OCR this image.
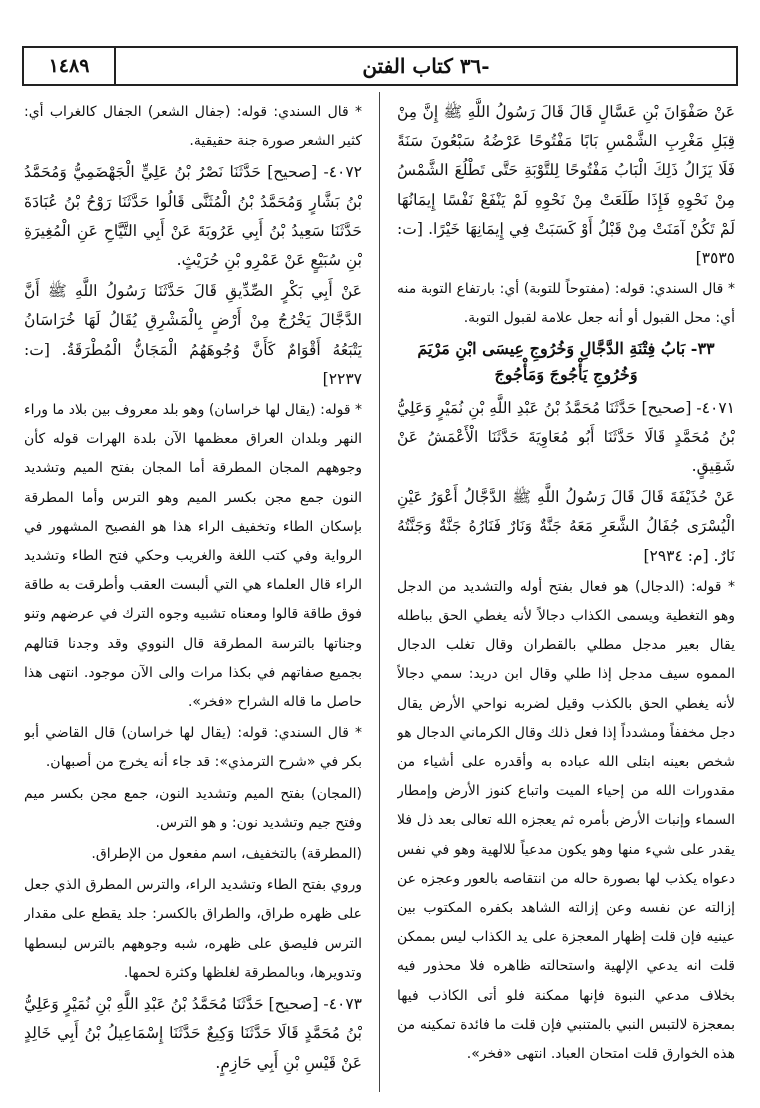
-٣٦ كتاب الفتن
١٤٨٩

عَنْ صَفْوَانَ بْنِ عَسَّالٍ قَالَ قَالَ رَسُولُ اللَّهِ ﷺ إِنَّ مِنْ قِبَلِ مَغْرِبِ الشَّمْسِ بَابًا مَفْتُوحًا عَرْضُهُ سَبْعُونَ سَنَةً فَلَا يَزَالُ ذَلِكَ الْبَابُ مَفْتُوحًا لِلتَّوْبَةِ حَتَّى تَطْلُعَ الشَّمْسُ مِنْ نَحْوِهِ فَإِذَا طَلَعَتْ مِنْ نَحْوِهِ لَمْ يَنْفَعْ نَفْسًا إِيمَانُهَا لَمْ تَكُنْ آمَنَتْ مِنْ قَبْلُ أَوْ كَسَبَتْ فِي إِيمَانِهَا خَيْرًا. [ت: ٣٥٣٥]

* قال السندي: قوله: (مفتوحاً للتوبة) أي: بارتفاع التوبة منه أي: محل القبول أو أنه جعل علامة لقبول التوبة.

٣٣- بَابُ فِتْنَةِ الدَّجَّالِ وَخُرُوجِ عِيسَى ابْنِ مَرْيَمَ وَخُرُوجِ يَأْجُوجَ وَمَأْجُوجَ

٤٠٧١- [صحيح] حَدَّثَنَا مُحَمَّدُ بْنُ عَبْدِ اللَّهِ بْنِ نُمَيْرٍ وَعَلِيُّ بْنُ مُحَمَّدٍ قَالَا حَدَّثَنَا أَبُو مُعَاوِيَةَ حَدَّثَنَا الْأَعْمَشُ عَنْ شَقِيقٍ.

عَنْ حُذَيْفَةَ قَالَ قَالَ رَسُولُ اللَّهِ ﷺ الدَّجَّالُ أَعْوَرُ عَيْنِ الْيُسْرَى جُفَالُ الشَّعَرِ مَعَهُ جَنَّةٌ وَنَارٌ فَنَارُهُ جَنَّةٌ وَجَنَّتُهُ نَارٌ. [م: ٢٩٣٤]

* قوله: (الدجال) هو فعال بفتح أوله والتشديد من الدجل وهو التغطية ويسمى الكذاب دجالاً لأنه يغطي الحق بباطله يقال بعير مدجل مطلي بالقطران وقال تغلب الدجال المموه سيف مدجل إذا طلي وقال ابن دريد: سمي دجالاً لأنه يغطي الحق بالكذب وقيل لضربه نواحي الأرض يقال دجل مخففاً ومشدداً إذا فعل ذلك وقال الكرماني الدجال هو شخص بعينه ابتلى الله عباده به وأقدره على أشياء من مقدورات الله من إحياء الميت واتباع كنوز الأرض وإمطار السماء وإنبات الأرض بأمره ثم يعجزه الله تعالى بعد ذل فلا يقدر على شيء منها وهو يكون مدعياً للالهية وهو في نفس دعواه يكذب لها بصورة حاله من انتقاصه بالعور وعجزه عن إزالته عن نفسه وعن إزالته الشاهد بكفره المكتوب بين عينيه فإن قلت إظهار المعجزة على يد الكذاب ليس بممكن قلت انه يدعي الإلهية واستحالته ظاهره فلا محذور فيه بخلاف مدعي النبوة فإنها ممكنة فلو أتى الكاذب فيها بمعجزة لالتبس النبي بالمتنبي فإن قلت ما فائدة تمكينه من هذه الخوارق قلت امتحان العباد. انتهى «فخر».

* قال السندي: قوله: (جفال الشعر) الجفال كالغراب أي: كثير الشعر صورة جنة حقيقية.

٤٠٧٢- [صحيح] حَدَّثَنَا نَصْرُ بْنُ عَلِيٍّ الْجَهْضَمِيُّ وَمُحَمَّدُ بْنُ بَشَّارٍ وَمُحَمَّدُ بْنُ الْمُثَنَّى قَالُوا حَدَّثَنَا رَوْحُ بْنُ عُبَادَةَ حَدَّثَنَا سَعِيدُ بْنُ أَبِي عَرُوبَةَ عَنْ أَبِي التَّيَّاحِ عَنِ الْمُغِيرَةِ بْنِ سُبَيْعٍ عَنْ عَمْرِو بْنِ حُرَيْثٍ.

عَنْ أَبِي بَكْرٍ الصِّدِّيقِ قَالَ حَدَّثَنَا رَسُولُ اللَّهِ ﷺ أَنَّ الدَّجَّالَ يَخْرُجُ مِنْ أَرْضٍ بِالْمَشْرِقِ يُقَالُ لَهَا خُرَاسَانُ يَتْبَعُهُ أَقْوَامٌ كَأَنَّ وُجُوهَهُمُ الْمَجَانُّ الْمُطْرَقَةُ. [ت: ٢٢٣٧]

* قوله: (يقال لها خراسان) وهو بلد معروف بين بلاد ما وراء النهر وبلدان العراق معظمها الآن بلدة الهرات قوله كأن وجوههم المجان المطرقة أما المجان بفتح الميم وتشديد النون جمع مجن بكسر الميم وهو الترس وأما المطرقة بإسكان الطاء وتخفيف الراء هذا هو الفصيح المشهور في الرواية وفي كتب اللغة والغريب وحكي فتح الطاء وتشديد الراء قال العلماء هي التي ألبست العقب وأطرقت به طاقة فوق طاقة قالوا ومعناه تشبيه وجوه الترك في عرضهم وتنو وجناتها بالترسة المطرقة قال النووي وقد وجدنا قتالهم بجميع صفاتهم في بكذا مرات والى الآن موجود. انتهى هذا حاصل ما قاله الشراح «فخر».

* قال السندي: قوله: (يقال لها خراسان) قال القاضي أبو بكر في «شرح الترمذي»: قد جاء أنه يخرج من أصبهان.

(المجان) بفتح الميم وتشديد النون، جمع مجن بكسر ميم وفتح جيم وتشديد نون: و هو الترس.

(المطرقة) بالتخفيف، اسم مفعول من الإطراق.

وروي بفتح الطاء وتشديد الراء، والترس المطرق الذي جعل على ظهره طراق، والطراق بالكسر: جلد يقطع على مقدار الترس فليصق على ظهره، شبه وجوههم بالترس لبسطها وتدويرها، وبالمطرقة لغلظها وكثرة لحمها.

٤٠٧٣- [صحيح] حَدَّثَنَا مُحَمَّدُ بْنُ عَبْدِ اللَّهِ بْنِ نُمَيْرٍ وَعَلِيُّ بْنُ مُحَمَّدٍ قَالَا حَدَّثَنَا وَكِيعٌ حَدَّثَنَا إِسْمَاعِيلُ بْنُ أَبِي خَالِدٍ عَنْ قَيْسِ بْنِ أَبِي حَازِمٍ.
